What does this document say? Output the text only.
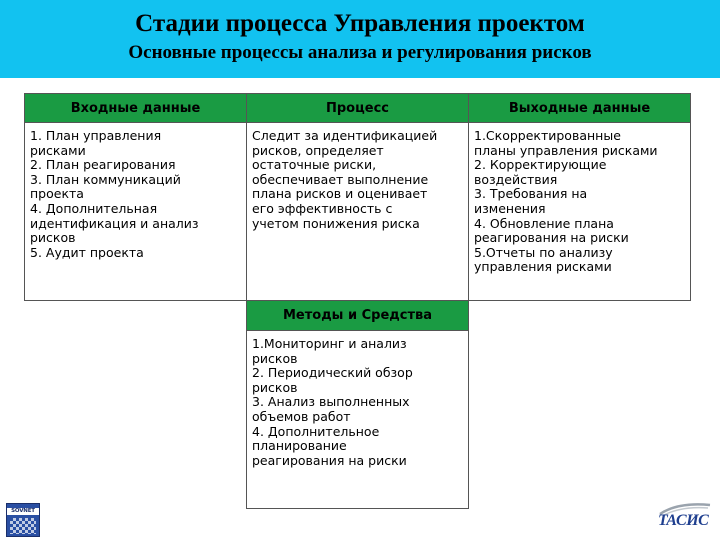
Стадии процесса Управления проектом
Основные процессы анализа и регулирования рисков
Входные данные	Процесс	Выходные данные
1. План управления
рисками
2. План реагирования
3. План коммуникаций
проекта
4. Дополнительная
идентификация и анализ
рисков
5. Аудит проекта
Следит за идентификацией
рисков, определяет
остаточные риски,
обеспечивает выполнение
плана рисков и оценивает
его эффективность с
учетом понижения риска
1.Скорректированные
планы управления рисками
2. Корректирующие
воздействия
3. Требования на
изменения
4. Обновление плана
реагирования на риски
5.Отчеты по анализу
управления рисками
Методы и Средства
1.Мониторинг и анализ
рисков
2. Периодический обзор
рисков
3. Анализ выполненных
объемов работ
4. Дополнительное
планирование
реагирования на риски
SOVNET
ТАСИС
